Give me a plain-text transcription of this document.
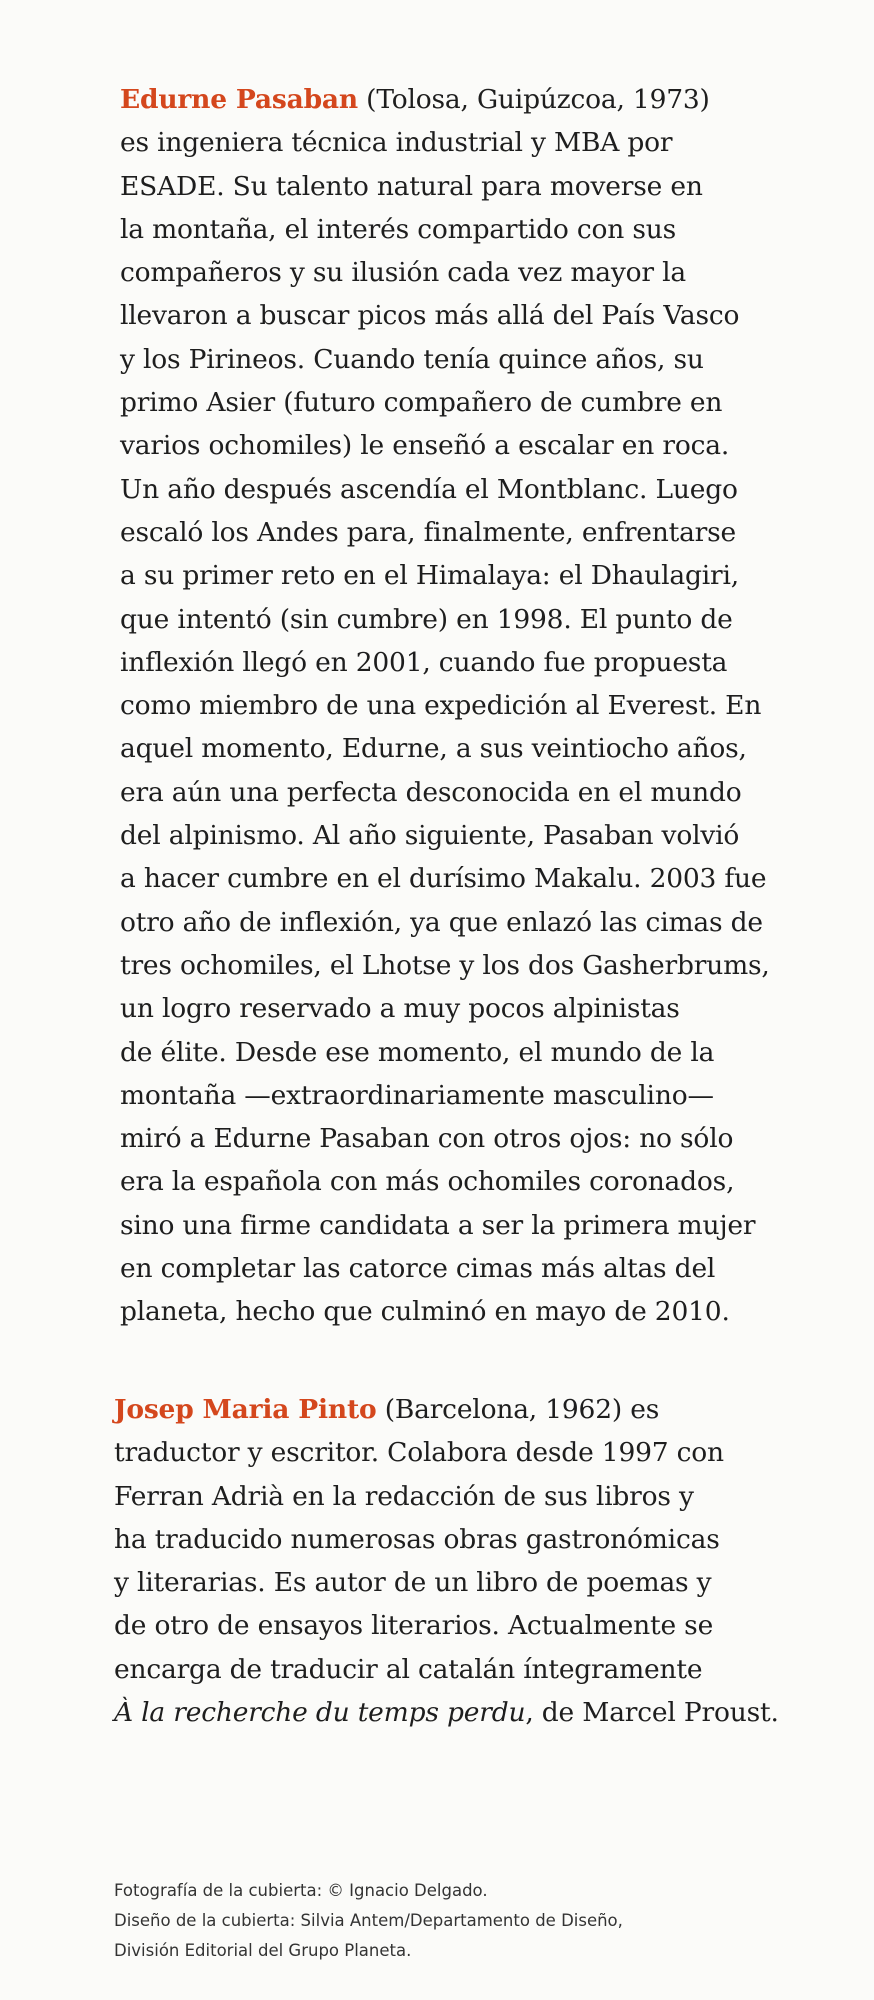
Edurne Pasaban (Tolosa, Guipúzcoa, 1973)
es ingeniera técnica industrial y MBA por
ESADE. Su talento natural para moverse en
la montaña, el interés compartido con sus
compañeros y su ilusión cada vez mayor la
llevaron a buscar picos más allá del País Vasco
y los Pirineos. Cuando tenía quince años, su
primo Asier (futuro compañero de cumbre en
varios ochomiles) le enseñó a escalar en roca.
Un año después ascendía el Montblanc. Luego
escaló los Andes para, finalmente, enfrentarse
a su primer reto en el Himalaya: el Dhaulagiri,
que intentó (sin cumbre) en 1998. El punto de
inflexión llegó en 2001, cuando fue propuesta
como miembro de una expedición al Everest. En
aquel momento, Edurne, a sus veintiocho años,
era aún una perfecta desconocida en el mundo
del alpinismo. Al año siguiente, Pasaban volvió
a hacer cumbre en el durísimo Makalu. 2003 fue
otro año de inflexión, ya que enlazó las cimas de
tres ochomiles, el Lhotse y los dos Gasherbrums,
un logro reservado a muy pocos alpinistas
de élite. Desde ese momento, el mundo de la
montaña —extraordinariamente masculino—
miró a Edurne Pasaban con otros ojos: no sólo
era la española con más ochomiles coronados,
sino una firme candidata a ser la primera mujer
en completar las catorce cimas más altas del
planeta, hecho que culminó en mayo de 2010.

Josep Maria Pinto (Barcelona, 1962) es
traductor y escritor. Colabora desde 1997 con
Ferran Adrià en la redacción de sus libros y
ha traducido numerosas obras gastronómicas
y literarias. Es autor de un libro de poemas y
de otro de ensayos literarios. Actualmente se
encarga de traducir al catalán íntegramente
À la recherche du temps perdu, de Marcel Proust.

Fotografía de la cubierta: © Ignacio Delgado.
Diseño de la cubierta: Silvia Antem/Departamento de Diseño,
División Editorial del Grupo Planeta.
